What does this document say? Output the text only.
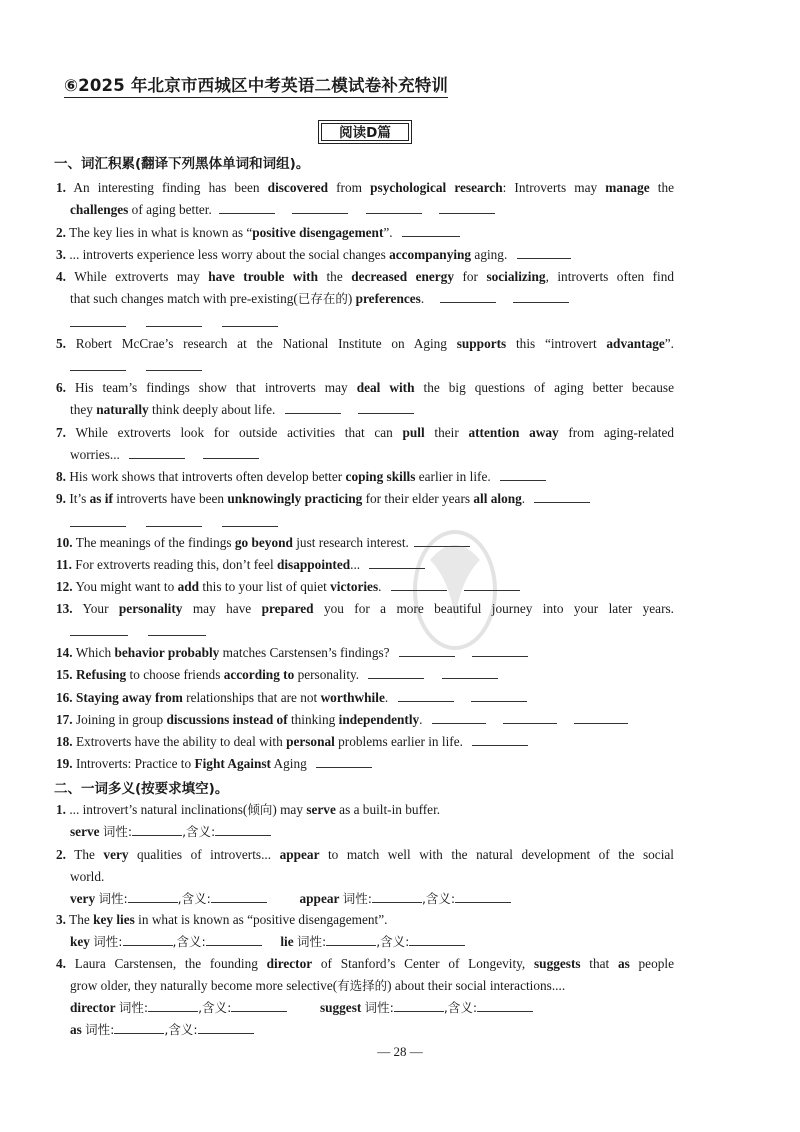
⑥2025 年北京市西城区中考英语二模试卷补充特训
阅读D篇
一、词汇积累(翻译下列黑体单词和词组)。
1. An interesting finding has been discovered from psychological research: Introverts may manage the
challenges of aging better.
2. The key lies in what is known as “positive disengagement”.
3. ... introverts experience less worry about the social changes accompanying aging.
4. While extroverts may have trouble with the decreased energy for socializing, introverts often find
that such changes match with pre-existing(已存在的) preferences.

5. Robert McCrae’s research at the National Institute on Aging supports this “introvert advantage”.

6. His team’s findings show that introverts may deal with the big questions of aging better because
they naturally think deeply about life.
7. While extroverts look for outside activities that can pull their attention away from aging-related
worries...
8. His work shows that introverts often develop better coping skills earlier in life.
9. It’s as if introverts have been unknowingly practicing for their elder years all along.

10. The meanings of the findings go beyond just research interest.
11. For extroverts reading this, don’t feel disappointed...
12. You might want to add this to your list of quiet victories.
13. Your personality may have prepared you for a more beautiful journey into your later years.

14. Which behavior probably matches Carstensen’s findings?
15. Refusing to choose friends according to personality.
16. Staying away from relationships that are not worthwhile.
17. Joining in group discussions instead of thinking independently.
18. Extroverts have the ability to deal with personal problems earlier in life.
19. Introverts: Practice to Fight Against Aging
二、一词多义(按要求填空)。
1. ... introvert’s natural inclinations(倾向) may serve as a built-in buffer.
serve 词性:	,含义:
2. The very qualities of introverts... appear to match well with the natural development of the social
world.
very 词性:	,含义:	appear 词性:	,含义:
3. The key lies in what is known as “positive disengagement”.
key 词性:	,含义:	lie 词性:	,含义:
4. Laura Carstensen, the founding director of Stanford’s Center of Longevity, suggests that as people
grow older, they naturally become more selective(有选择的) about their social interactions....
director 词性:	,含义:	suggest 词性:	,含义:
as 词性:	,含义:
— 28 —
